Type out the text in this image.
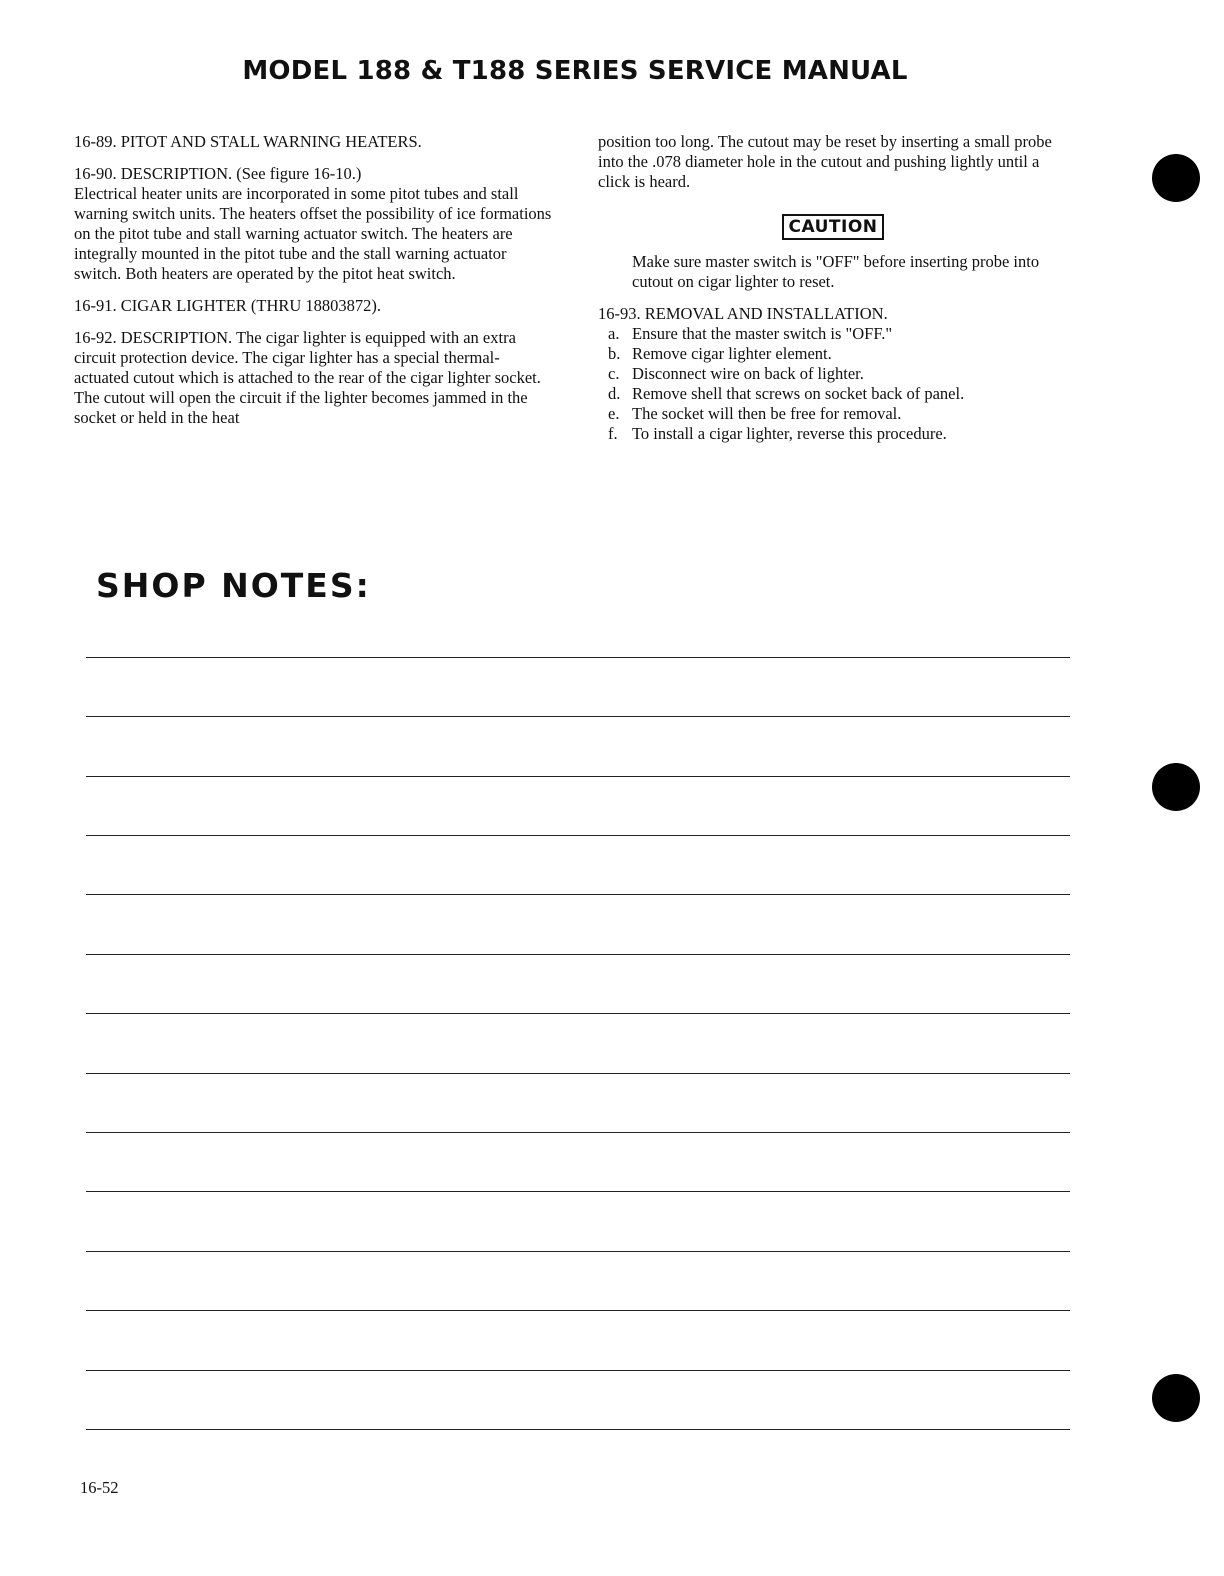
MODEL 188 & T188 SERIES SERVICE MANUAL

16-89. PITOT AND STALL WARNING HEATERS.

16-90. DESCRIPTION. (See figure 16-10.)
Electrical heater units are incorporated in some pitot tubes and stall warning switch units. The heaters offset the possibility of ice formations on the pitot tube and stall warning actuator switch. The heaters are integrally mounted in the pitot tube and the stall warning actuator switch. Both heaters are operated by the pitot heat switch.

16-91. CIGAR LIGHTER (THRU 18803872).

16-92. DESCRIPTION. The cigar lighter is equipped with an extra circuit protection device. The cigar lighter has a special thermal-actuated cutout which is attached to the rear of the cigar lighter socket. The cutout will open the circuit if the lighter becomes jammed in the socket or held in the heat
position too long. The cutout may be reset by inserting a small probe into the .078 diameter hole in the cutout and pushing lightly until a click is heard.
CAUTION
Make sure master switch is "OFF" before inserting probe into cutout on cigar lighter to reset.
16-93. REMOVAL AND INSTALLATION.
a. Ensure that the master switch is "OFF."
b. Remove cigar lighter element.
c. Disconnect wire on back of lighter.
d. Remove shell that screws on socket back of panel.
e. The socket will then be free for removal.
f. To install a cigar lighter, reverse this procedure.
SHOP NOTES:
16-52
